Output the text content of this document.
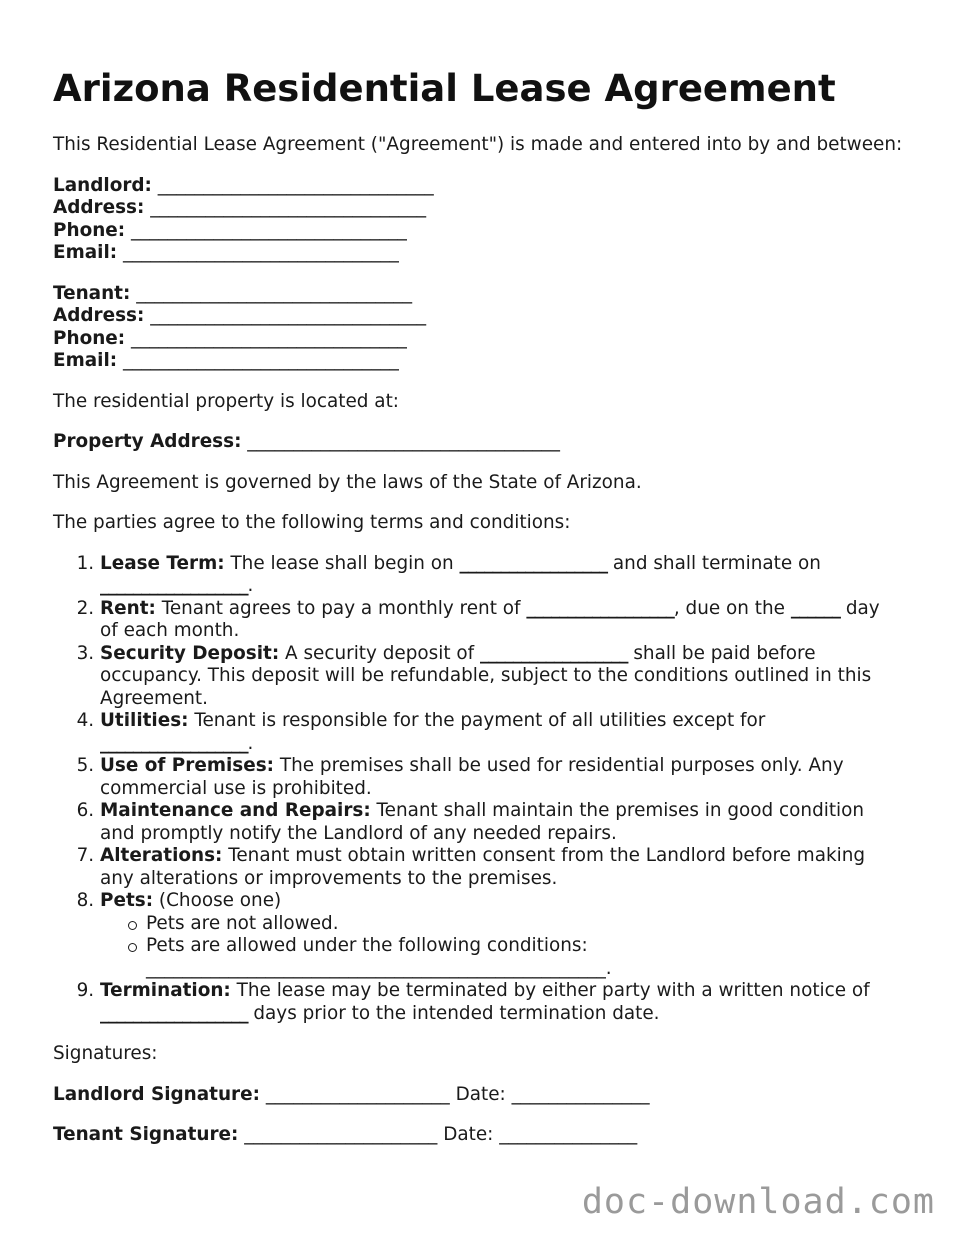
Arizona Residential Lease Agreement

This Residential Lease Agreement ("Agreement") is made and entered into by and between:

Landlord: ______________________________
Address: ______________________________
Phone: ______________________________
Email: ______________________________
Tenant: ______________________________
Address: ______________________________
Phone: ______________________________
Email: ______________________________

The residential property is located at:

Property Address: __________________________________

This Agreement is governed by the laws of the State of Arizona.

The parties agree to the following terms and conditions:

1. Lease Term: The lease shall begin on __________________ and shall terminate on __________________.
2. Rent: Tenant agrees to pay a monthly rent of __________________, due on the ______ day of each month.
3. Security Deposit: A security deposit of __________________ shall be paid before occupancy. This deposit will be refundable, subject to the conditions outlined in this Agreement.
4. Utilities: Tenant is responsible for the payment of all utilities except for __________________.
5. Use of Premises: The premises shall be used for residential purposes only. Any commercial use is prohibited.
6. Maintenance and Repairs: Tenant shall maintain the premises in good condition and promptly notify the Landlord of any needed repairs.
7. Alterations: Tenant must obtain written consent from the Landlord before making any alterations or improvements to the premises.
8. Pets: (Choose one)
Pets are not allowed.
Pets are allowed under the following conditions: __________________________________________________.
9. Termination: The lease may be terminated by either party with a written notice of __________________ days prior to the intended termination date.

Signatures:

Landlord Signature: ____________________ Date: _______________

Tenant Signature: _____________________ Date: _______________

doc-download.com
